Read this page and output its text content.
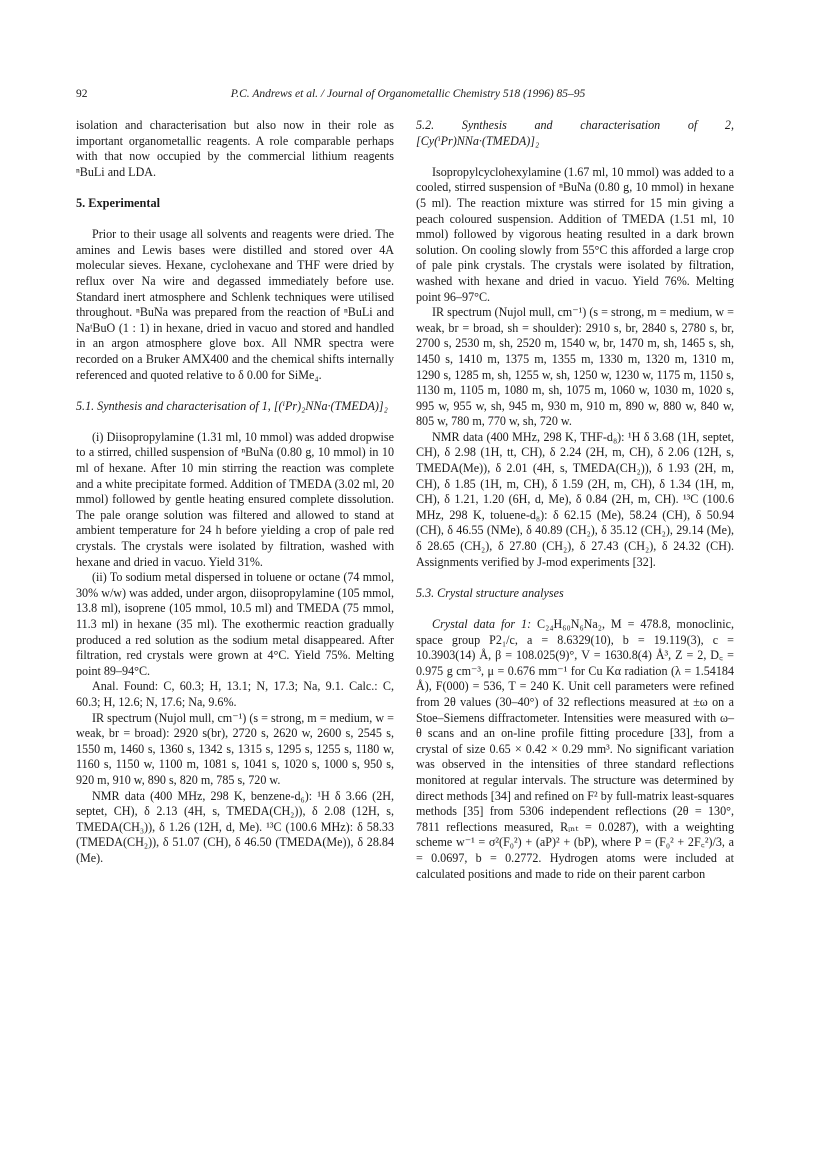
92	P.C. Andrews et al. / Journal of Organometallic Chemistry 518 (1996) 85–95

isolation and characterisation but also now in their role as important organometallic reagents. A role comparable perhaps with that now occupied by the commercial lithium reagents ⁿBuLi and LDA.

5. Experimental

Prior to their usage all solvents and reagents were dried. The amines and Lewis bases were distilled and stored over 4A molecular sieves. Hexane, cyclohexane and THF were dried by reflux over Na wire and degassed immediately before use. Standard inert atmosphere and Schlenk techniques were utilised throughout. ⁿBuNa was prepared from the reaction of ⁿBuLi and NaᵗBuO (1 : 1) in hexane, dried in vacuo and stored and handled in an argon atmosphere glove box. All NMR spectra were recorded on a Bruker AMX400 and the chemical shifts internally referenced and quoted relative to δ 0.00 for SiMe₄.

5.1. Synthesis and characterisation of 1, [(ⁱPr)₂NNa·(TMEDA)]₂

(i) Diisopropylamine (1.31 ml, 10 mmol) was added dropwise to a stirred, chilled suspension of ⁿBuNa (0.80 g, 10 mmol) in 10 ml of hexane. After 10 min stirring the reaction was complete and a white precipitate formed. Addition of TMEDA (3.02 ml, 20 mmol) followed by gentle heating ensured complete dissolution. The pale orange solution was filtered and allowed to stand at ambient temperature for 24 h before yielding a crop of pale red crystals. The crystals were isolated by filtration, washed with hexane and dried in vacuo. Yield 31%.

(ii) To sodium metal dispersed in toluene or octane (74 mmol, 30% w/w) was added, under argon, diisopropylamine (105 mmol, 13.8 ml), isoprene (105 mmol, 10.5 ml) and TMEDA (75 mmol, 11.3 ml) in hexane (35 ml). The exothermic reaction gradually produced a red solution as the sodium metal disappeared. After filtration, red crystals were grown at 4°C. Yield 75%. Melting point 89–94°C.

Anal. Found: C, 60.3; H, 13.1; N, 17.3; Na, 9.1. Calc.: C, 60.3; H, 12.6; N, 17.6; Na, 9.6%.

IR spectrum (Nujol mull, cm⁻¹) (s = strong, m = medium, w = weak, br = broad): 2920 s(br), 2720 s, 2620 w, 2600 s, 2545 s, 1550 m, 1460 s, 1360 s, 1342 s, 1315 s, 1295 s, 1255 s, 1180 w, 1160 s, 1150 w, 1100 m, 1081 s, 1041 s, 1020 s, 1000 s, 950 s, 920 m, 910 w, 890 s, 820 m, 785 s, 720 w.

NMR data (400 MHz, 298 K, benzene-d₆): ¹H δ 3.66 (2H, septet, CH), δ 2.13 (4H, s, TMEDA(CH₂)), δ 2.08 (12H, s, TMEDA(CH₃)), δ 1.26 (12H, d, Me). ¹³C (100.6 MHz): δ 58.33 (TMEDA(CH₂)), δ 51.07 (CH), δ 46.50 (TMEDA(Me)), δ 28.84 (Me).

5.2. Synthesis and characterisation of 2, [Cy(ⁱPr)NNa·(TMEDA)]₂

Isopropylcyclohexylamine (1.67 ml, 10 mmol) was added to a cooled, stirred suspension of ⁿBuNa (0.80 g, 10 mmol) in hexane (5 ml). The reaction mixture was stirred for 15 min giving a peach coloured suspension. Addition of TMEDA (1.51 ml, 10 mmol) followed by vigorous heating resulted in a dark brown solution. On cooling slowly from 55°C this afforded a large crop of pale pink crystals. The crystals were isolated by filtration, washed with hexane and dried in vacuo. Yield 76%. Melting point 96–97°C.

IR spectrum (Nujol mull, cm⁻¹) (s = strong, m = medium, w = weak, br = broad, sh = shoulder): 2910 s, br, 2840 s, 2780 s, br, 2700 s, 2530 m, sh, 2520 m, 1540 w, br, 1470 m, sh, 1465 s, sh, 1450 s, 1410 m, 1375 m, 1355 m, 1330 m, 1320 m, 1310 m, 1290 s, 1285 m, sh, 1255 w, sh, 1250 w, 1230 w, 1175 m, 1150 s, 1130 m, 1105 m, 1080 m, sh, 1075 m, 1060 w, 1030 m, 1020 s, 995 w, 955 w, sh, 945 m, 930 m, 910 m, 890 w, 880 w, 840 w, 805 w, 780 m, 770 w, sh, 720 w.

NMR data (400 MHz, 298 K, THF-d₈): ¹H δ 3.68 (1H, septet, CH), δ 2.98 (1H, tt, CH), δ 2.24 (2H, m, CH), δ 2.06 (12H, s, TMEDA(Me)), δ 2.01 (4H, s, TMEDA(CH₂)), δ 1.93 (2H, m, CH), δ 1.85 (1H, m, CH), δ 1.59 (2H, m, CH), δ 1.34 (1H, m, CH), δ 1.21, 1.20 (6H, d, Me), δ 0.84 (2H, m, CH). ¹³C (100.6 MHz, 298 K, toluene-d₈): δ 62.15 (Me), 58.24 (CH), δ 50.94 (CH), δ 46.55 (NMe), δ 40.89 (CH₂), δ 35.12 (CH₂), 29.14 (Me), δ 28.65 (CH₂), δ 27.80 (CH₂), δ 27.43 (CH₂), δ 24.32 (CH). Assignments verified by J-mod experiments [32].

5.3. Crystal structure analyses

Crystal data for 1: C₂₄H₆₀N₆Na₂, M = 478.8, monoclinic, space group P2₁/c, a = 8.6329(10), b = 19.119(3), c = 10.3903(14) Å, β = 108.025(9)°, V = 1630.8(4) Å³, Z = 2, D꜀ = 0.975 g cm⁻³, μ = 0.676 mm⁻¹ for Cu Kα radiation (λ = 1.54184 Å), F(000) = 536, T = 240 K. Unit cell parameters were refined from 2θ values (30–40°) of 32 reflections measured at ±ω on a Stoe–Siemens diffractometer. Intensities were measured with ω–θ scans and an on-line profile fitting procedure [33], from a crystal of size 0.65 × 0.42 × 0.29 mm³. No significant variation was observed in the intensities of three standard reflections monitored at regular intervals. The structure was determined by direct methods [34] and refined on F² by full-matrix least-squares methods [35] from 5306 independent reflections (2θ = 130°, 7811 reflections measured, Rᵢₙₜ = 0.0287), with a weighting scheme w⁻¹ = σ²(F₀²) + (aP)² + (bP), where P = (F₀² + 2F꜀²)/3, a = 0.0697, b = 0.2772. Hydrogen atoms were included at calculated positions and made to ride on their parent carbon
